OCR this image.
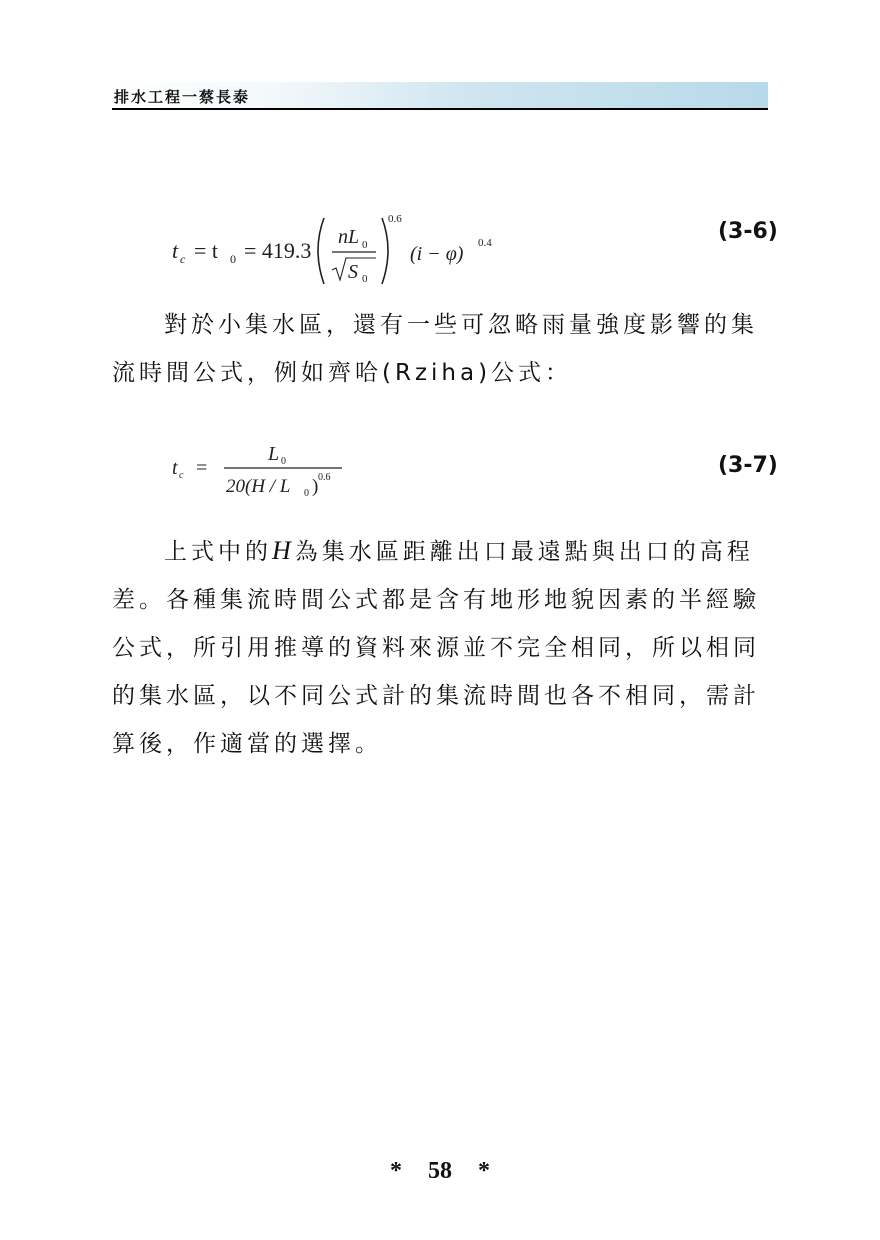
排水工程一蔡長泰
t c = t 0 = 419.3
nL 0
S 0
0.6
(i − φ) 0.4	(3-6)

對於小集水區，還有一些可忽略雨量強度影響的集流時間公式，例如齊哈(Rziha)公式：

t c =
L 0
20(H / L 0 ) 0.6	(3-7)

上式中的H為集水區距離出口最遠點與出口的高程差。各種集流時間公式都是含有地形地貌因素的半經驗公式，所引用推導的資料來源並不完全相同，所以相同的集水區，以不同公式計的集流時間也各不相同，需計算後，作適當的選擇。

* 58 *
